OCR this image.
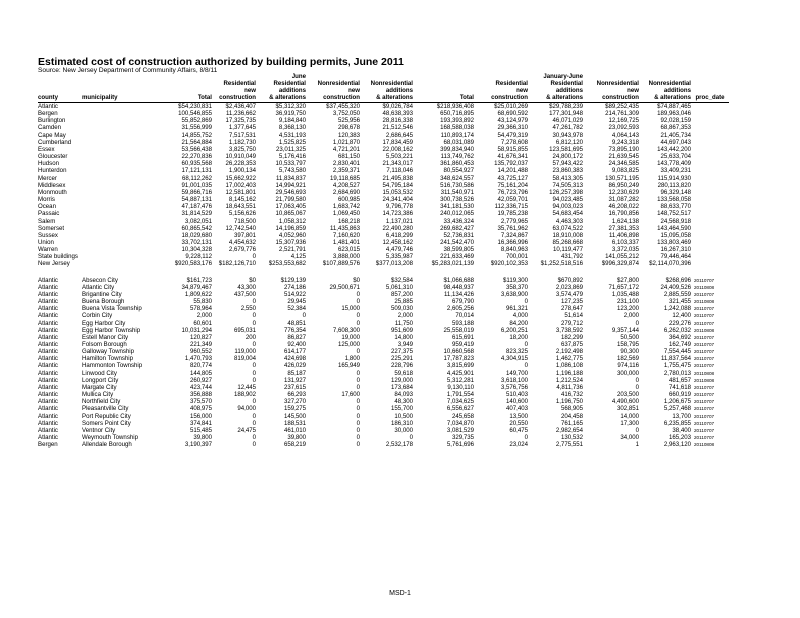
Estimated cost of construction authorized by building permits, June 2011
Source: New Jersey Department of Community Affairs, 8/8/11
				June					January-June			
			Residential	Residential	Nonresidential	Nonresidential		Residential	Residential	Nonresidential	Nonresidential	
			new	additions	new	additions		new	additions	new	additions	
county	municipality	Total	construction	& alterations	construction	& alterations	Total	construction	& alterations	construction	& alterations	proc_date
Atlantic		$54,230,831	$2,436,407	$5,312,320	$37,455,320	$9,026,784	$218,936,408	$25,010,269	$29,788,239	$89,252,435	$74,887,465	
Bergen		100,546,855	11,236,662	36,919,750	3,752,050	48,638,393	650,716,895	68,690,592	177,301,948	214,761,309	189,963,046	
Burlington		55,852,869	17,325,735	9,184,840	525,956	28,816,338	193,393,892	43,124,979	46,071,029	12,169,725	92,028,159	
Camden		31,556,999	1,377,645	8,368,130	298,678	21,512,546	168,588,038	29,366,310	47,261,782	23,092,593	68,867,353	
Cape May		14,855,752	7,517,531	4,531,193	120,383	2,686,645	110,893,174	54,479,319	30,943,978	4,064,143	21,405,734	
Cumberland		21,564,884	1,182,730	1,525,825	1,021,870	17,834,459	68,031,089	7,278,608	6,812,120	9,243,318	44,697,043	
Essex		53,566,438	3,825,750	23,011,325	4,721,201	22,008,162	399,834,940	58,915,855	123,581,695	73,895,190	143,442,200	
Gloucester		22,270,836	10,910,049	5,176,416	681,150	5,503,221	113,749,762	41,676,341	24,800,172	21,639,545	25,633,704	
Hudson		60,935,568	26,228,353	10,533,797	2,830,401	21,343,017	361,860,453	135,792,037	57,943,422	24,346,585	143,778,409	
Hunterdon		17,121,131	1,900,134	5,743,580	2,359,371	7,118,046	80,554,927	14,201,488	23,860,383	9,083,825	33,409,231	
Mercer		68,112,262	15,662,922	11,834,837	19,118,685	21,495,838	348,624,557	43,725,127	58,413,305	130,571,195	115,914,930	
Middlesex		91,001,035	17,002,403	14,994,921	4,208,527	54,795,184	516,730,586	75,161,204	74,505,313	86,950,249	280,113,820	
Monmouth		59,866,716	12,581,801	29,546,693	2,684,690	15,053,532	311,540,971	76,723,796	126,257,398	12,230,629	96,329,148	
Morris		54,887,131	8,145,162	21,799,580	600,985	24,341,404	300,738,526	42,059,701	94,023,485	31,087,282	133,568,058	
Ocean		47,187,476	18,643,551	17,063,405	1,683,742	9,796,778	341,181,530	112,336,715	94,003,023	46,208,022	88,633,770	
Passaic		31,814,529	5,156,626	10,865,067	1,069,450	14,723,386	240,012,065	19,785,238	54,683,454	16,790,856	148,752,517	
Salem		3,082,051	718,500	1,058,312	168,218	1,137,021	33,436,324	2,779,965	4,463,303	1,624,138	24,568,918	
Somerset		60,865,542	12,742,540	14,196,859	11,435,863	22,490,280	269,682,427	35,761,962	63,074,522	27,381,353	143,464,590	
Sussex		18,029,680	397,801	4,052,960	7,160,620	6,418,299	52,736,831	7,324,867	18,910,008	11,406,898	15,095,058	
Union		33,702,131	4,454,632	15,307,936	1,481,401	12,458,162	241,542,470	16,366,996	85,268,668	6,103,337	133,803,469	
Warren		10,304,328	2,679,776	2,521,791	623,015	4,479,746	38,599,805	8,840,963	10,119,477	3,372,035	16,267,310	
State buildings		9,228,112	0	4,125	3,888,000	5,335,987	221,633,469	700,001	431,792	141,055,212	79,446,464	
New Jersey		$920,583,176	$182,126,710	$253,553,682	$107,889,576	$377,013,208	$5,283,021,139	$920,102,353	$1,252,518,516	$996,329,874	$2,114,070,396	

Atlantic	Absecon City	$161,723	$0	$129,139	$0	$32,584	$1,066,688	$119,300	$670,892	$27,800	$268,696	20110707
Atlantic	Atlantic City	34,879,467	43,300	274,186	29,500,671	5,061,310	98,448,937	358,370	2,023,869	71,657,172	24,409,526	20110808
Atlantic	Brigantine City	1,809,622	437,500	514,922	0	857,200	11,134,426	3,638,900	3,574,479	1,035,488	2,885,559	20110707
Atlantic	Buena Borough	55,830	0	29,945	0	25,885	679,790	0	127,235	231,100	321,455	20110808
Atlantic	Buena Vista Township	578,964	2,550	52,384	15,000	509,030	2,605,256	961,321	278,647	123,200	1,242,088	20110707
Atlantic	Corbin City	2,000	0	0	0	2,000	70,014	4,000	51,614	2,000	12,400	20110707
Atlantic	Egg Harbor City	60,601	0	48,851	0	11,750	593,188	84,200	279,712	0	229,276	20110707
Atlantic	Egg Harbor Township	10,031,294	695,031	776,354	7,608,300	951,609	25,558,019	6,200,251	3,738,592	9,357,144	6,262,032	20110808
Atlantic	Estell Manor City	120,827	200	86,827	19,000	14,800	615,691	18,200	182,299	50,500	364,692	20110707
Atlantic	Folsom Borough	221,349	0	92,400	125,000	3,949	959,419	0	637,875	158,795	162,749	20110707
Atlantic	Galloway Township	960,552	119,000	614,177	0	227,375	10,660,568	823,325	2,192,498	90,300	7,554,445	20110707
Atlantic	Hamilton Township	1,470,793	819,004	424,698	1,800	225,291	17,787,823	4,304,915	1,462,775	182,569	11,837,564	20110707
Atlantic	Hammonton Township	820,774	0	426,029	165,949	228,796	3,815,699	0	1,086,108	974,116	1,755,475	20110707
Atlantic	Linwood City	144,805	0	85,187	0	59,618	4,425,901	149,700	1,196,188	300,000	2,780,013	20110808
Atlantic	Longport City	260,927	0	131,927	0	129,000	5,312,281	3,618,100	1,212,524	0	481,657	20110808
Atlantic	Margate City	423,744	12,445	237,615	0	173,684	9,130,110	3,576,756	4,811,736	0	741,618	20110707
Atlantic	Mullica City	356,888	188,902	66,293	17,600	84,093	1,791,554	510,403	416,732	203,500	660,919	20110707
Atlantic	Northfield City	375,570	0	327,270	0	48,300	7,034,625	140,600	1,196,750	4,490,600	1,206,675	20110707
Atlantic	Pleasantville City	408,975	94,000	159,275	0	155,700	6,556,627	407,403	568,905	302,851	5,257,468	20110707
Atlantic	Port Republic City	156,000	0	145,500	0	10,500	245,658	13,500	204,458	14,000	13,700	20110707
Atlantic	Somers Point City	374,841	0	188,531	0	186,310	7,034,870	20,550	761,165	17,300	6,235,855	20110707
Atlantic	Ventnor City	515,485	24,475	461,010	0	30,000	3,081,529	60,475	2,982,654	0	38,400	20110707
Atlantic	Weymouth Township	39,800	0	39,800	0	0	329,735	0	130,532	34,000	165,203	20110707
Bergen	Allendale Borough	3,190,397	0	658,219	0	2,532,178	5,761,696	23,024	2,775,551	1	2,963,120	20110808
MSD-1
